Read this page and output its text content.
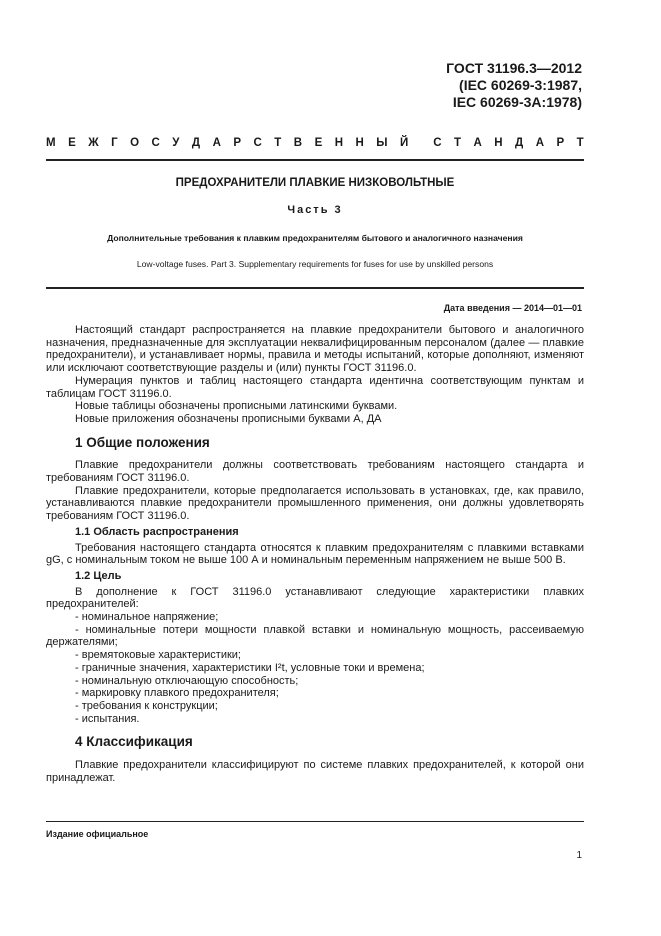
ГОСТ 31196.3—2012
(IEC 60269-3:1987,
IEC 60269-3A:1978)
М Е Ж Г О С У Д А Р С Т В Е Н Н Ы Й С Т А Н Д А Р Т
ПРЕДОХРАНИТЕЛИ ПЛАВКИЕ НИЗКОВОЛЬТНЫЕ
Часть 3
Дополнительные требования к плавким предохранителям бытового и аналогичного назначения
Low-voltage fuses. Part 3. Supplementary requirements for fuses for use by unskilled persons
Дата введения — 2014—01—01

Настоящий стандарт распространяется на плавкие предохранители бытового и аналогичного назначения, предназначенные для эксплуатации неквалифицированным персоналом (далее — плавкие предохранители), и устанавливает нормы, правила и методы испытаний, которые дополняют, изменяют или исключают соответствующие разделы и (или) пункты ГОСТ 31196.0.

Нумерация пунктов и таблиц настоящего стандарта идентична соответствующим пунктам и таблицам ГОСТ 31196.0.

Новые таблицы обозначены прописными латинскими буквами.

Новые приложения обозначены прописными буквами А, ДА

1 Общие положения

Плавкие предохранители должны соответствовать требованиям настоящего стандарта и требованиям ГОСТ 31196.0.

Плавкие предохранители, которые предполагается использовать в установках, где, как правило, устанавливаются плавкие предохранители промышленного применения, они должны удовлетворять требованиям ГОСТ 31196.0.

1.1 Область распространения

Требования настоящего стандарта относятся к плавким предохранителям с плавкими вставками gG, с номинальным током не выше 100 А и номинальным переменным напряжением не выше 500 В.

1.2 Цель

В дополнение к ГОСТ 31196.0 устанавливают следующие характеристики плавких предохранителей:

- номинальное напряжение;

- номинальные потери мощности плавкой вставки и номинальную мощность, рассеиваемую держателями;

- времятоковые характеристики;

- граничные значения, характеристики I²t, условные токи и времена;

- номинальную отключающую способность;

- маркировку плавкого предохранителя;

- требования к конструкции;

- испытания.

4 Классификация

Плавкие предохранители классифицируют по системе плавких предохранителей, к которой они принадлежат.

Издание официальное
1
